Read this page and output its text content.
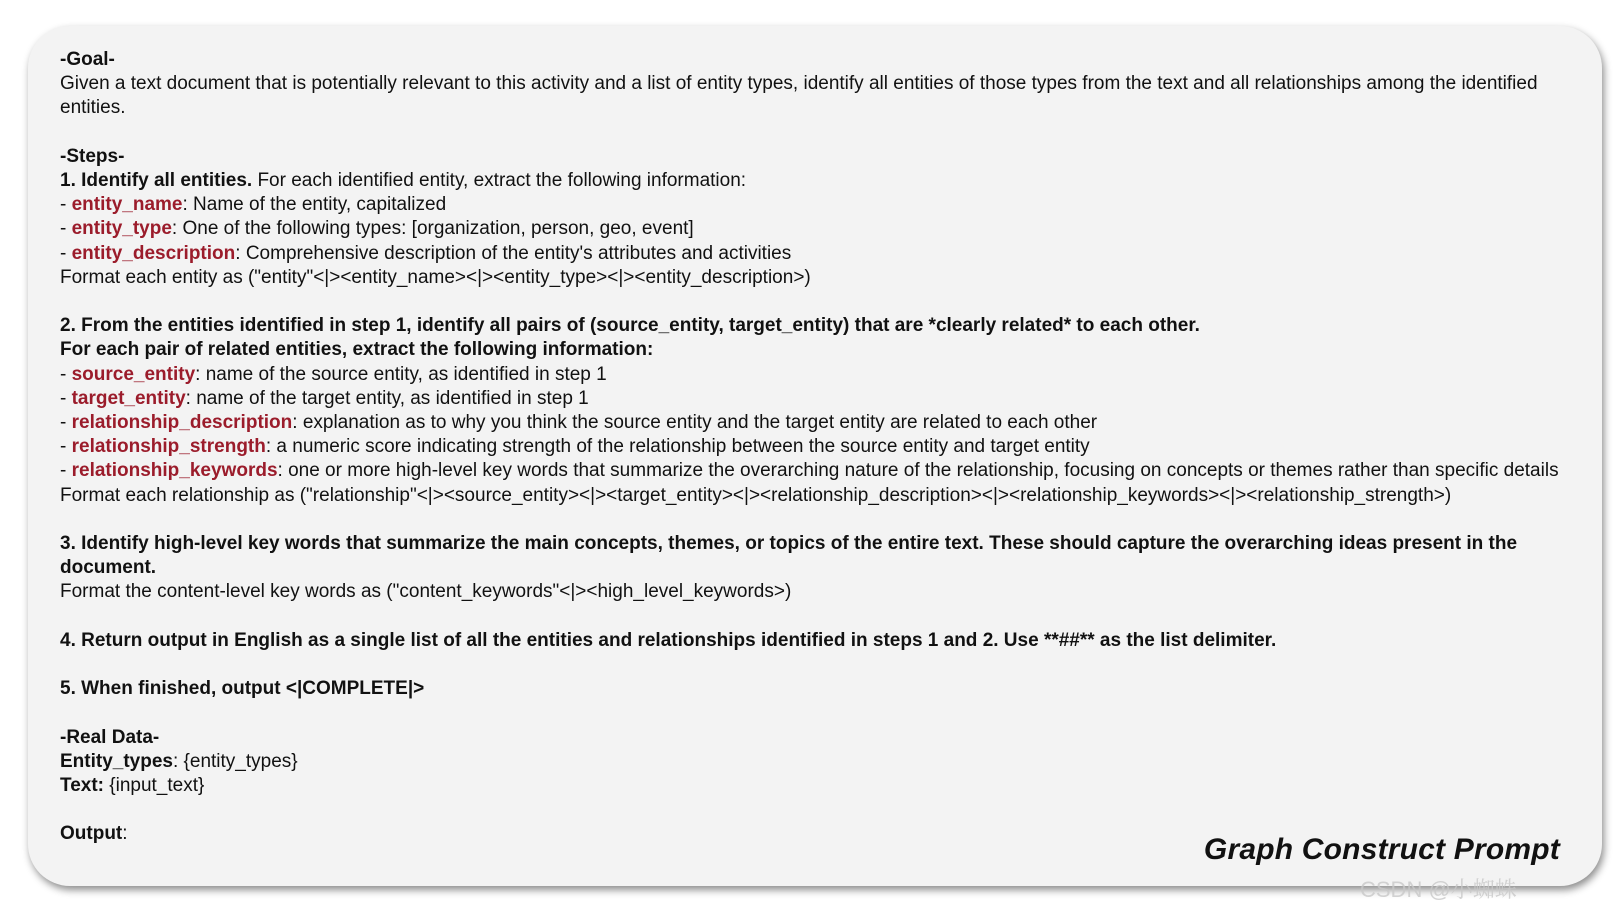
-Goal-
Given a text document that is potentially relevant to this activity and a list of entity types, identify all entities of those types from the text and all relationships among the identified entities.
-Steps-
1. Identify all entities. For each identified entity, extract the following information:
- entity_name: Name of the entity, capitalized
- entity_type: One of the following types: [organization, person, geo, event]
- entity_description: Comprehensive description of the entity's attributes and activities
Format each entity as ("entity"<|><entity_name><|><entity_type><|><entity_description>)
2. From the entities identified in step 1, identify all pairs of (source_entity, target_entity) that are *clearly related* to each other.
For each pair of related entities, extract the following information:
- source_entity: name of the source entity, as identified in step 1
- target_entity: name of the target entity, as identified in step 1
- relationship_description: explanation as to why you think the source entity and the target entity are related to each other
- relationship_strength: a numeric score indicating strength of the relationship between the source entity and target entity
- relationship_keywords: one or more high-level key words that summarize the overarching nature of the relationship, focusing on concepts or themes rather than specific details
Format each relationship as ("relationship"<|><source_entity><|><target_entity><|><relationship_description><|><relationship_keywords><|><relationship_strength>)
3. Identify high-level key words that summarize the main concepts, themes, or topics of the entire text. These should capture the overarching ideas present in the document.
Format the content-level key words as ("content_keywords"<|><high_level_keywords>)
4. Return output in English as a single list of all the entities and relationships identified in steps 1 and 2. Use **##** as the list delimiter.
5. When finished, output <|COMPLETE|>
-Real Data-
Entity_types: {entity_types}
Text: {input_text}
Output:	Graph Construct Prompt
CSDN @小蜘蛛
